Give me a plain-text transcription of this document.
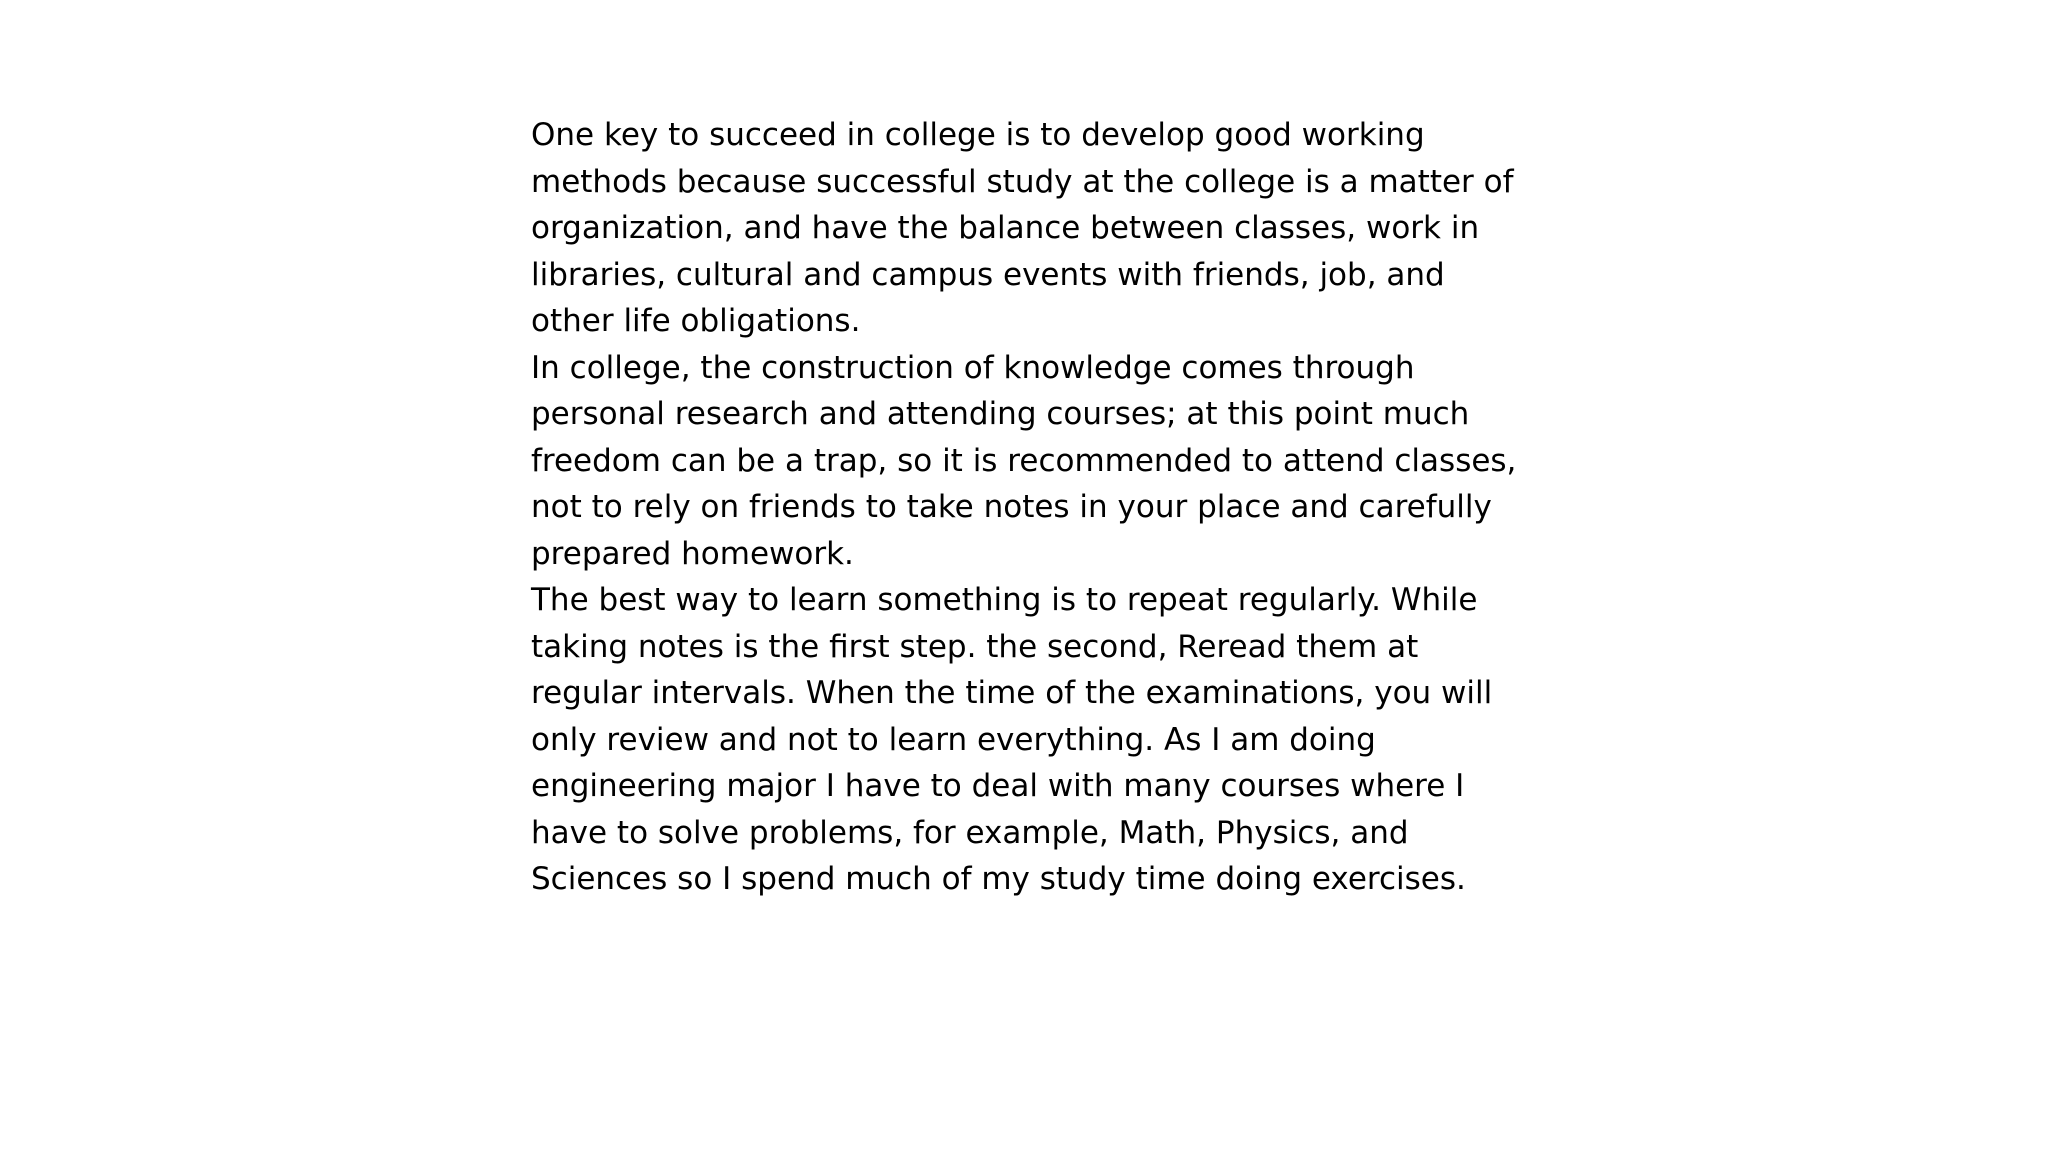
One key to succeed in college is to develop good working
methods because successful study at the college is a matter of
organization, and have the balance between classes, work in
libraries, cultural and campus events with friends, job, and
other life obligations.
In college, the construction of knowledge comes through
personal research and attending courses; at this point much
freedom can be a trap, so it is recommended to attend classes,
not to rely on friends to take notes in your place and carefully
prepared homework.
The best way to learn something is to repeat regularly. While
taking notes is the first step. the second, Reread them at
regular intervals. When the time of the examinations, you will
only review and not to learn everything. As I am doing
engineering major I have to deal with many courses where I
have to solve problems, for example, Math, Physics, and
Sciences so I spend much of my study time doing exercises.
